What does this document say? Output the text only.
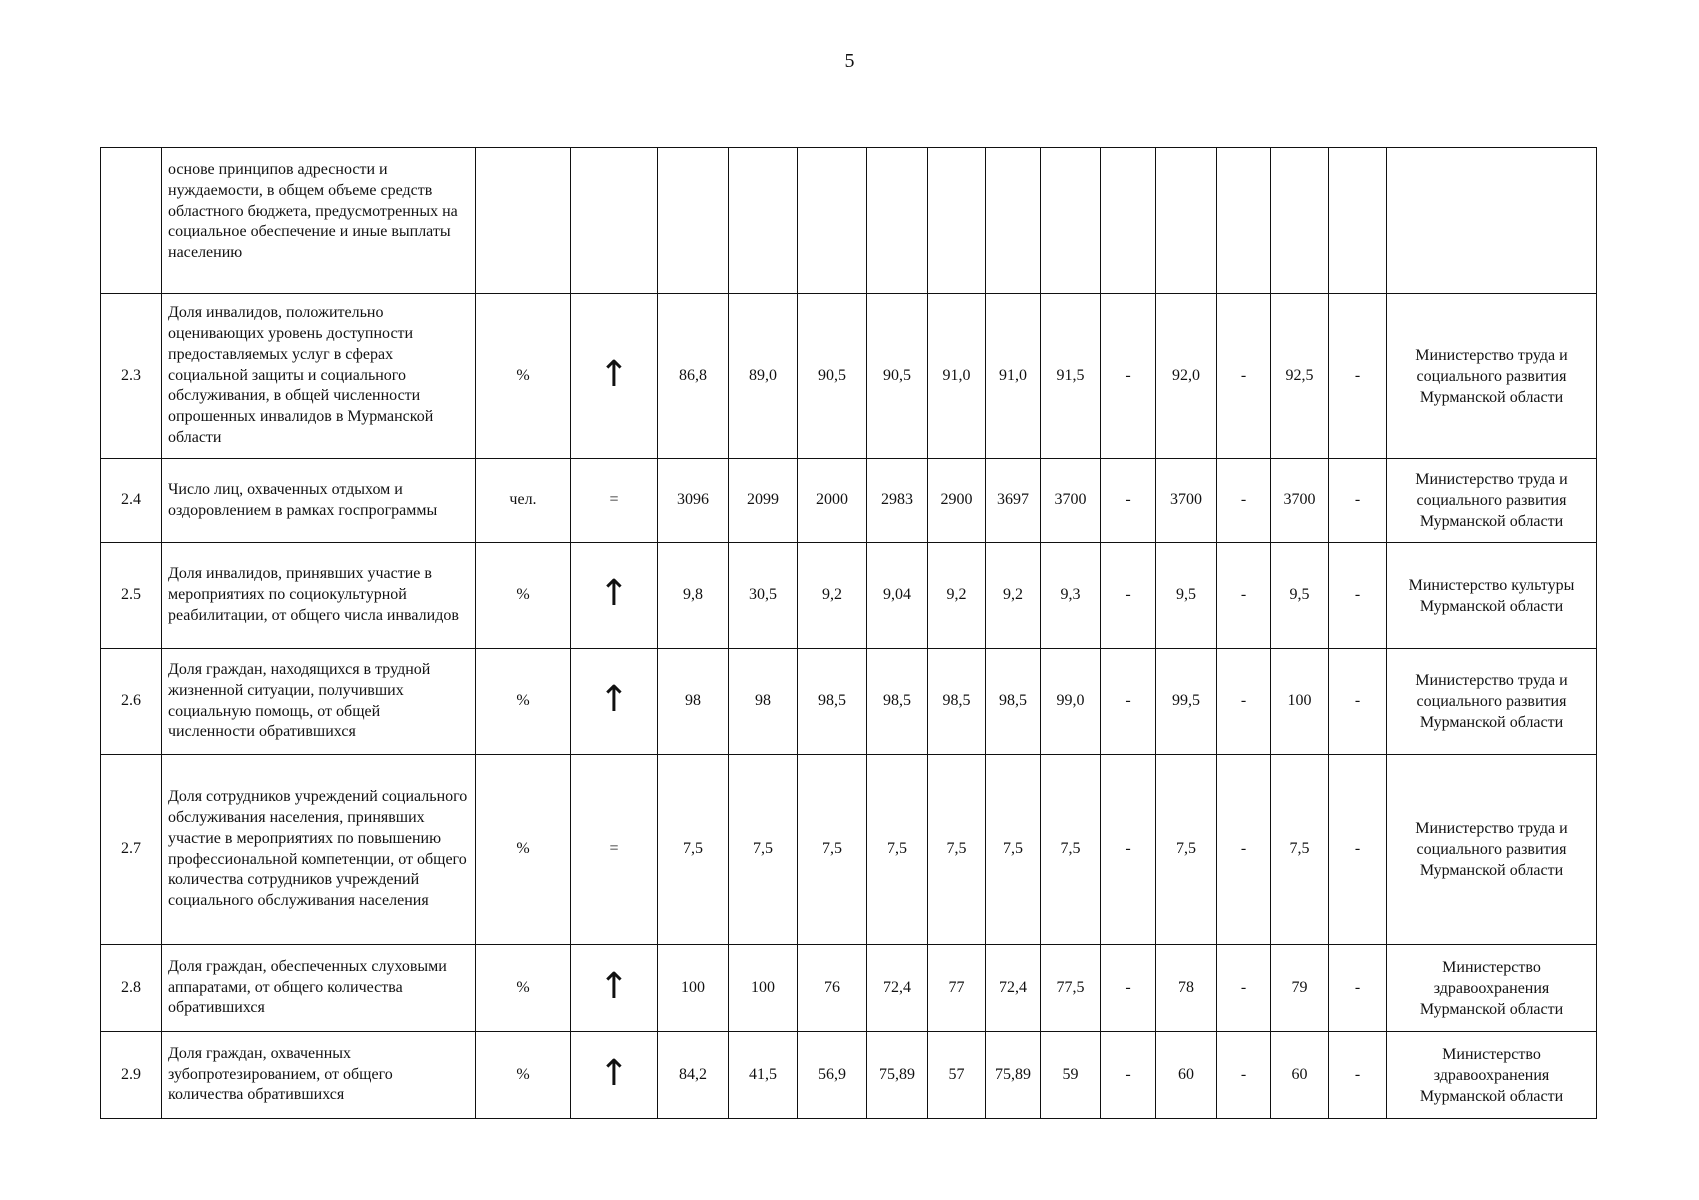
5
	основе принципов адресности и нуждаемости, в общем объеме средств областного бюджета, предусмотренных на социальное обеспечение и иные выплаты населению															
2.3	Доля инвалидов, положительно оценивающих уровень доступности предоставляемых услуг в сферах социальной защиты и социального обслуживания, в общей численности опрошенных инвалидов в Мурманской области	%	↑	86,8	89,0	90,5	90,5	91,0	91,0	91,5	-	92,0	-	92,5	-	Министерство труда и социального развития Мурманской области
2.4	Число лиц, охваченных отдыхом и оздоровлением в рамках госпрограммы	чел.	=	3096	2099	2000	2983	2900	3697	3700	-	3700	-	3700	-	Министерство труда и социального развития Мурманской области
2.5	Доля инвалидов, принявших участие в мероприятиях по социокультурной реабилитации, от общего числа инвалидов	%	↑	9,8	30,5	9,2	9,04	9,2	9,2	9,3	-	9,5	-	9,5	-	Министерство культуры Мурманской области
2.6	Доля граждан, находящихся в трудной жизненной ситуации, получивших социальную помощь, от общей численности обратившихся	%	↑	98	98	98,5	98,5	98,5	98,5	99,0	-	99,5	-	100	-	Министерство труда и социального развития Мурманской области
2.7	Доля сотрудников учреждений социального обслуживания населения, принявших участие в мероприятиях по повышению профессиональной компетенции, от общего количества сотрудников учреждений социального обслуживания населения	%	=	7,5	7,5	7,5	7,5	7,5	7,5	7,5	-	7,5	-	7,5	-	Министерство труда и социального развития Мурманской области
2.8	Доля граждан, обеспеченных слуховыми аппаратами, от общего количества обратившихся	%	↑	100	100	76	72,4	77	72,4	77,5	-	78	-	79	-	Министерство здравоохранения Мурманской области
2.9	Доля граждан, охваченных зубопротезированием, от общего количества обратившихся	%	↑	84,2	41,5	56,9	75,89	57	75,89	59	-	60	-	60	-	Министерство здравоохранения Мурманской области
